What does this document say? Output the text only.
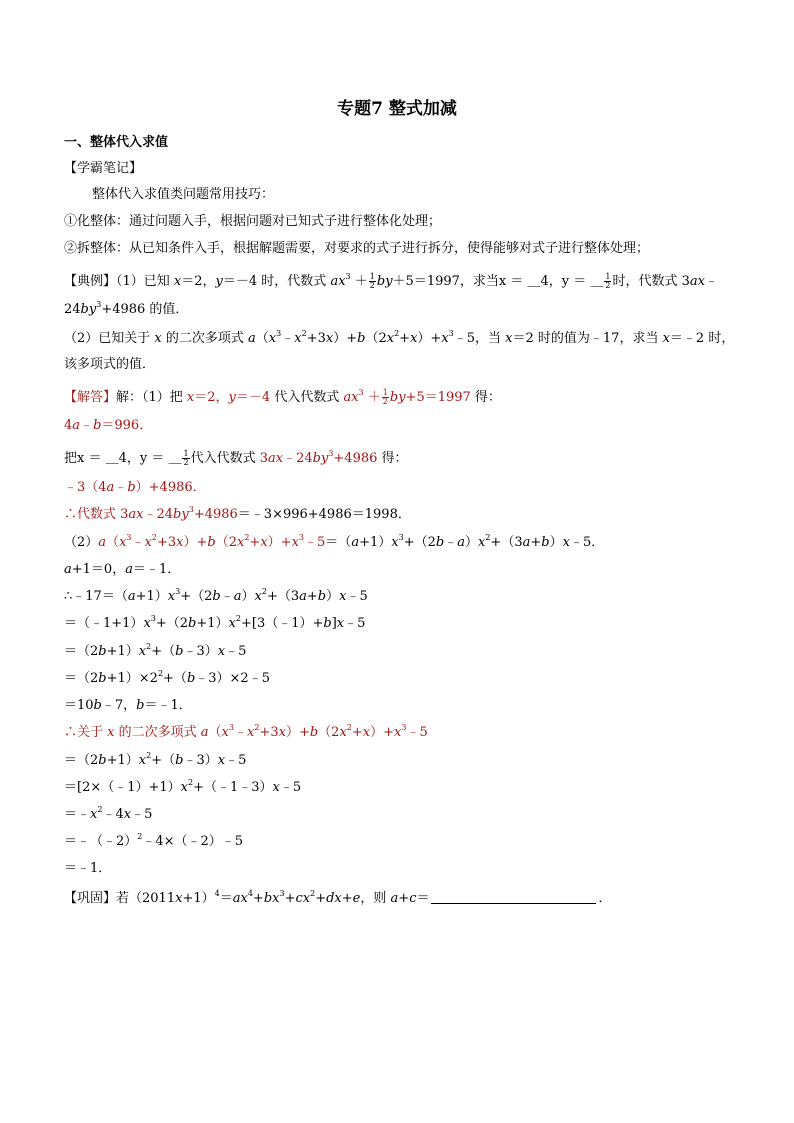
专题7 整式加减
一、整体代入求值
【学霸笔记】
整体代入求值类问题常用技巧：
①化整体：通过问题入手，根据问题对已知式子进行整体化处理；
②拆整体：从已知条件入手，根据解题需要，对要求的式子进行拆分，使得能够对式子进行整体处理；
【典例】（1）已知 x＝2，y＝－4 时，代数式 $ax^3 + \frac{1}{2} by+5=1997$，求当x ＝ ＿4，y ＝ ＿ $\frac{1}{2}$ 时，代数式 3ax﹣
$24by^3+4986$ 的值．
（2）已知关于 x 的二次多项式 $a(x^3﹣x^2+3x)+b(2x^2+x)+x^3﹣5$，当 x＝2 时的值为﹣17，求当 x＝﹣2 时，
该多项式的值．
【解答】解：（1）把 x＝2，y＝－4 代入代数式 $ax^3 + \frac{1}{2} by+5=1997$ 得：
4a﹣b＝996．
把x ＝ ＿4，y ＝ ＿ $\frac{1}{2}$ 代入代数式 $3ax﹣24by^3+4986$ 得：
﹣3（4a﹣b）+4986．
∴代数式 $3ax﹣24by^3+4986=﹣3\times 996+4986=1998$．
$(2)a(x^3﹣x^2+3x)+b(2x^2+x)+x^3﹣5=(a+1)x^3+(2b﹣a)x^2+(3a+b)x﹣5$．
a+1＝0，a＝﹣1．
$\therefore﹣17=(a+1)x^3+(2b﹣a)x^2+(3a+b)x﹣5$
$=(﹣1+1)x^3+(2b+1)x^2+[3(﹣1)+b]x﹣5$
$=(2b+1)x^2+(b﹣3)x﹣5$
$=(2b+1)\times 2^2+(b﹣3)\times 2﹣5$
＝10b﹣7，b＝﹣1．
∴关于 x 的二次多项式 $a(x^3﹣x^2+3x)+b(2x^2+x)+x^3﹣5$
$=(2b+1)x^2+(b﹣3)x﹣5$
$=[2\times(﹣1)+1)x^2+(﹣1﹣3)x﹣5$
$=﹣x^2﹣4x﹣5$
＝﹣（﹣2）$^2$﹣4×（﹣2）﹣5
＝﹣1．
【巩固】若$(2011x+1)^4=ax^4+bx^3+cx^2+dx+e$，则 a+c＝	．
